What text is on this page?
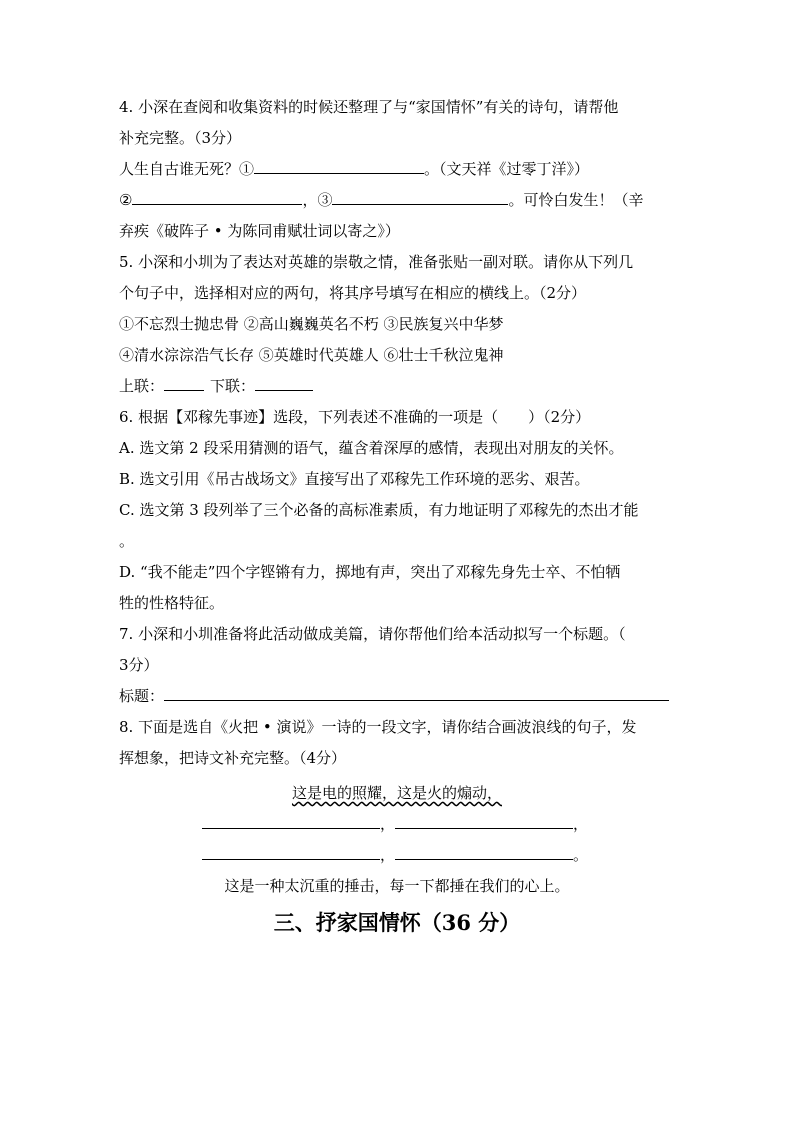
4. 小深在查阅和收集资料的时候还整理了与“家国情怀”有关的诗句，请帮他
补充完整。（3分）
人生自古谁无死？①	。（文天祥《过零丁洋》）
②	，③	。可怜白发生！（辛
弃疾《破阵子 • 为陈同甫赋壮词以寄之》）
5. 小深和小圳为了表达对英雄的崇敬之情，准备张贴一副对联。请你从下列几
个句子中，选择相对应的两句，将其序号填写在相应的横线上。（2分）
①不忘烈士抛忠骨 ②高山巍巍英名不朽 ③民族复兴中华梦
④清水淙淙浩气长存 ⑤英雄时代英雄人 ⑥壮士千秋泣鬼神
上联：	下联：
6. 根据【邓稼先事迹】选段，下列表述不准确的一项是（　　）（2分）
A. 选文第 2 段采用猜测的语气，蕴含着深厚的感情，表现出对朋友的关怀。
B. 选文引用《吊古战场文》直接写出了邓稼先工作环境的恶劣、艰苦。
C. 选文第 3 段列举了三个必备的高标准素质，有力地证明了邓稼先的杰出才能
。
D. “我不能走”四个字铿锵有力，掷地有声，突出了邓稼先身先士卒、不怕牺
牲的性格特征。
7. 小深和小圳准备将此活动做成美篇，请你帮他们给本活动拟写一个标题。（
3分）
标题：
8. 下面是选自《火把 • 演说》一诗的一段文字，请你结合画波浪线的句子，发
挥想象，把诗文补充完整。（4分）
这是电的照耀，这是火的煽动，
，	，
，	。
这是一种太沉重的捶击，每一下都捶在我们的心上。
三、抒家国情怀（36 分）
